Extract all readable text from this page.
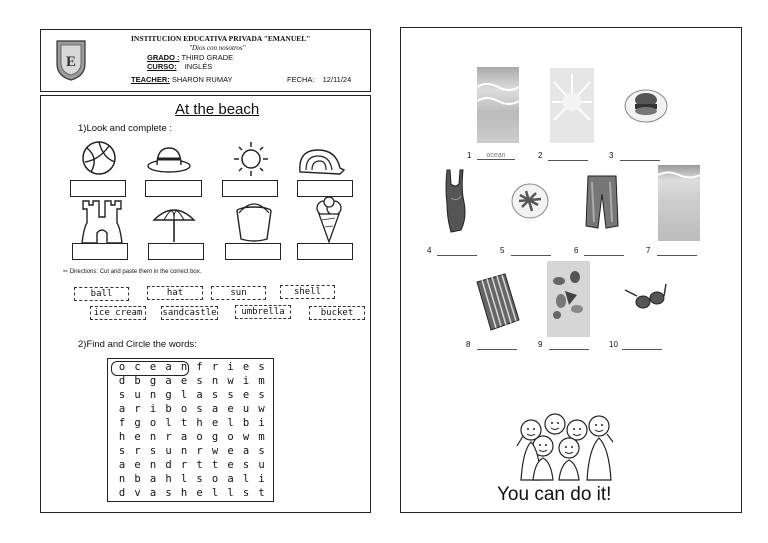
E
INSTITUCION EDUCATIVA PRIVADA "EMANUEL"
"Dios con nosotros"
GRADO : THIRD GRADE
CURSO: INGLÉS
TEACHER: SHARON RUMAY	FECHA: 12/11/24
At the beach
1)Look and complete :
✂ Directions: Cut and paste them in the correct box.
ball	hat	sun	shell
ice cream	sandcastle	umbrella	bucket
2)Find and Circle the words:
o c e a n f r i e s
d b g a e s n w i m
s u n g l a s s e s
a r i b o s a e u w
f g o l t h e l b i
h e n r a o g o w m
s r s u n r w e a s
a e n d r t t e s u
n b a h l s o a l i
d v a s h e l l s t
1	ocean	2	3
4	5	6	7
8	9	10
You can do it!
